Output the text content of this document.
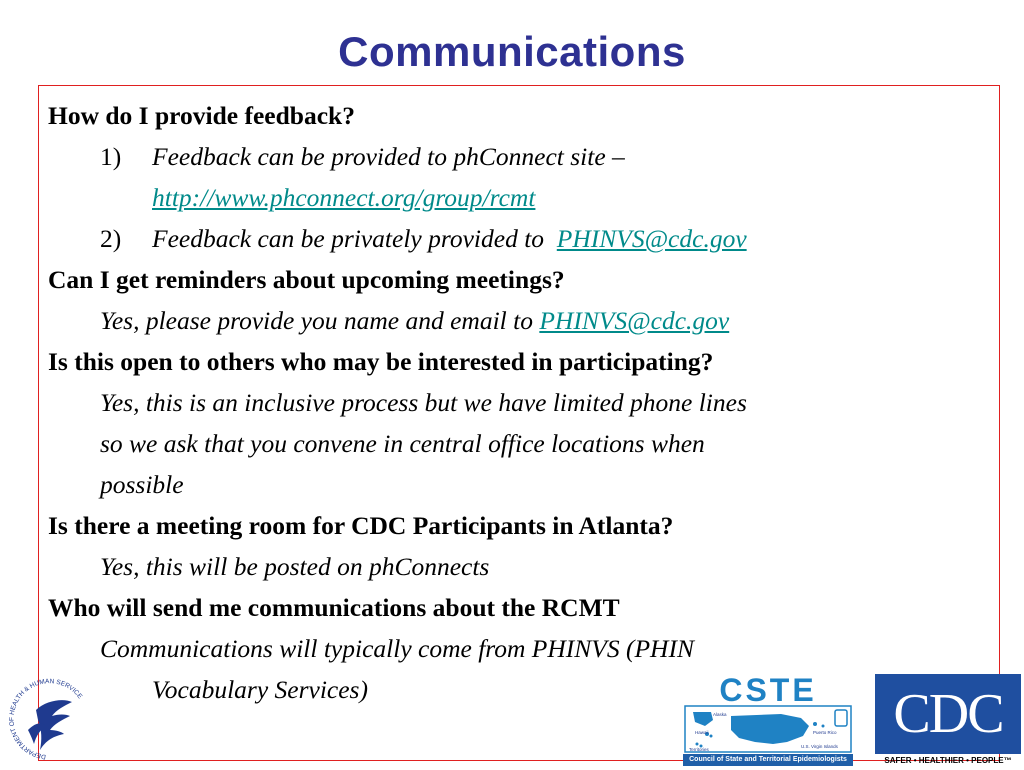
Communications
How do I provide feedback?
1)	Feedback can be provided to phConnect site –
http://www.phconnect.org/group/rcmt
2)	Feedback can be privately provided to PHINVS@cdc.gov
Can I get reminders about upcoming meetings?
Yes, please provide you name and email to PHINVS@cdc.gov
Is this open to others who may be interested in participating?
Yes, this is an inclusive process but we have limited phone lines
so we ask that you convene in central office locations when
possible
Is there a meeting room for CDC Participants in Atlanta?
Yes, this will be posted on phConnects
Who will send me communications about the RCMT
Communications will typically come from PHINVS (PHIN
Vocabulary Services)
DEPARTMENT OF HEALTH & HUMAN SERVICE	CSTE
Alaska
Hawaii	Puerto Rico
Territories
U.S. Virgin Islands
Council of State and Territorial Epidemiologists
CDC
SAFER • HEALTHIER • PEOPLE™
